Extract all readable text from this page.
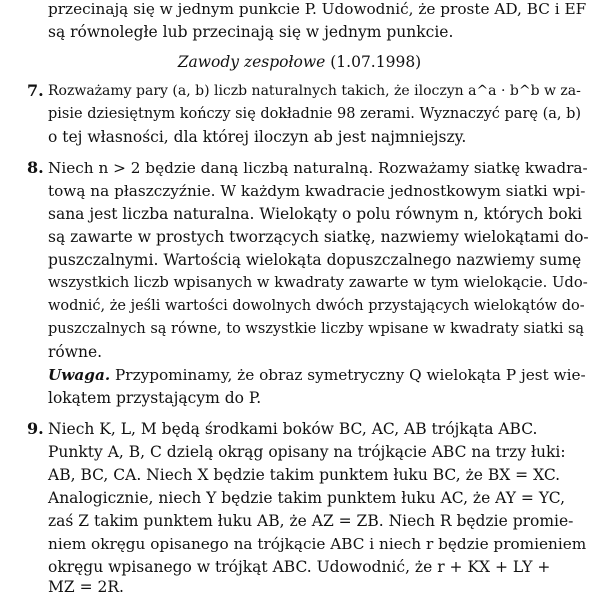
przecinają się w jednym punkcie P. Udowodnić, że proste AD, BC i EF
są równoległe lub przecinają się w jednym punkcie.
Zawody zespołowe (1.07.1998)
7. Rozważamy pary (a, b) liczb naturalnych takich, że iloczyn a^a · b^b w za-
pisie dziesiętnym kończy się dokładnie 98 zerami. Wyznaczyć parę (a, b)
o tej własności, dla której iloczyn ab jest najmniejszy.
8. Niech n > 2 będzie daną liczbą naturalną. Rozważamy siatkę kwadra-
tową na płaszczyźnie. W każdym kwadracie jednostkowym siatki wpi-
sana jest liczba naturalna. Wielokąty o polu równym n, których boki
są zawarte w prostych tworzących siatkę, nazwiemy wielokątami do-
puszczalnymi. Wartością wielokąta dopuszczalnego nazwiemy sumę
wszystkich liczb wpisanych w kwadraty zawarte w tym wielokącie. Udo-
wodnić, że jeśli wartości dowolnych dwóch przystających wielokątów do-
puszczalnych są równe, to wszystkie liczby wpisane w kwadraty siatki są
równe.
Uwaga. Przypominamy, że obraz symetryczny Q wielokąta P jest wie-
lokątem przystającym do P.
9. Niech K, L, M będą środkami boków BC, AC, AB trójkąta ABC.
Punkty A, B, C dzielą okrąg opisany na trójkącie ABC na trzy łuki:
AB, BC, CA. Niech X będzie takim punktem łuku BC, że BX = XC.
Analogicznie, niech Y będzie takim punktem łuku AC, że AY = YC,
zaś Z takim punktem łuku AB, że AZ = ZB. Niech R będzie promie-
niem okręgu opisanego na trójkącie ABC i niech r będzie promieniem
okręgu wpisanego w trójkąt ABC. Udowodnić, że r + KX + LY +
MZ = 2R.
